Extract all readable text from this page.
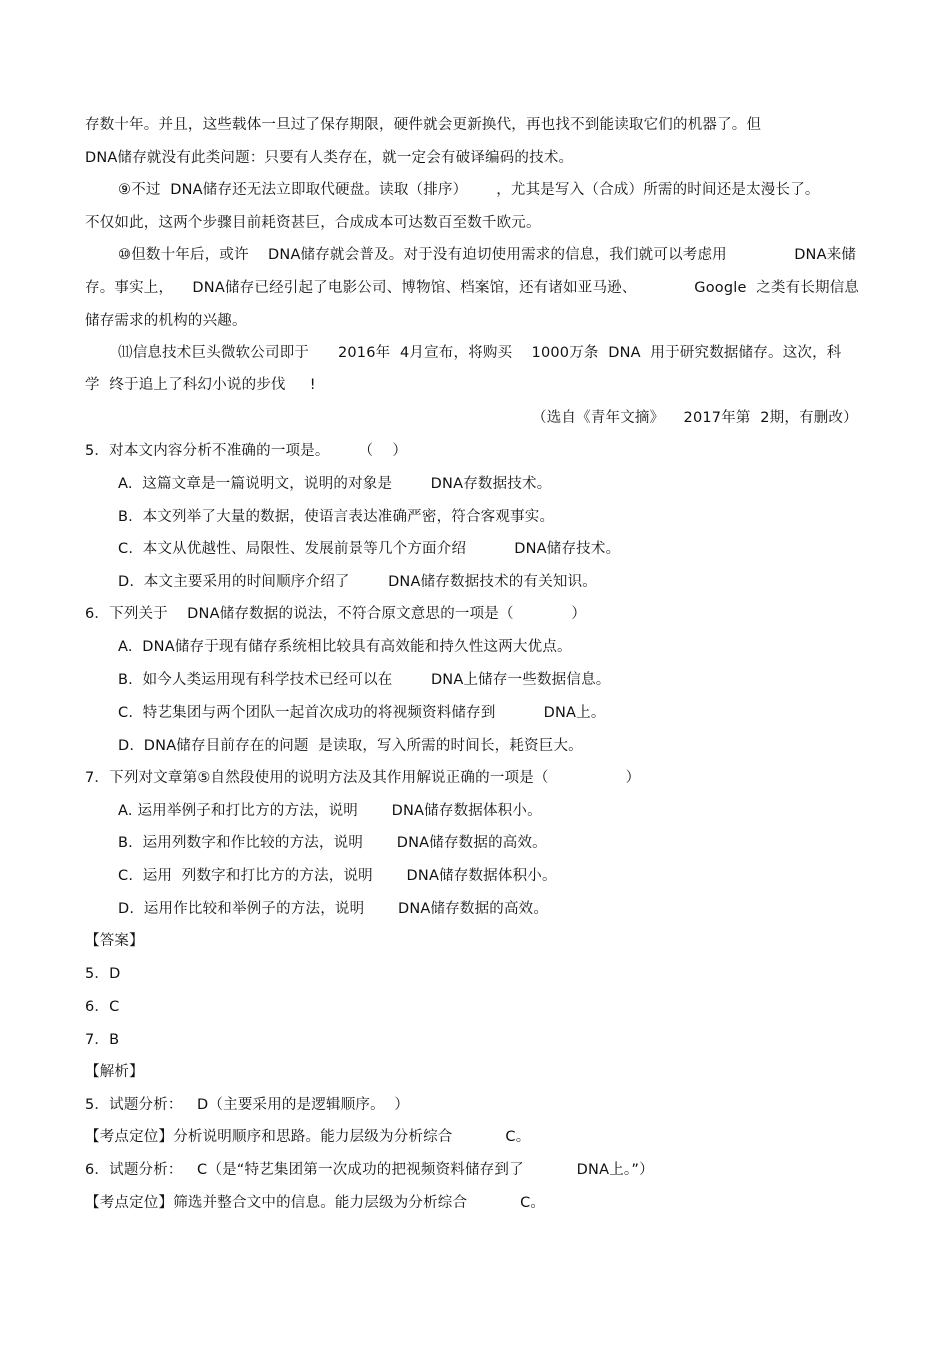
存数十年。并且，这些载体一旦过了保存期限，硬件就会更新换代，再也找不到能读取它们的机器了。但
DNA储存就没有此类问题：只要有人类存在，就一定会有破译编码的技术。
⑨不过  DNA储存还无法立即取代硬盘。读取（排序）      ，尤其是写入（合成）所需的时间还是太漫长了。
不仅如此，这两个步骤目前耗资甚巨，合成成本可达数百至数千欧元。
⑩但数十年后，或许    DNA储存就会普及。对于没有迫切使用需求的信息，我们就可以考虑用              DNA来储
存。事实上，    DNA储存已经引起了电影公司、博物馆、档案馆，还有诸如亚马逊、            Google  之类有长期信息
储存需求的机构的兴趣。
⑾信息技术巨头微软公司即于      2016年  4月宣布，将购买    1000万条  DNA  用于研究数据储存。这次，科
学  终于追上了科幻小说的步伐     !
（选自《青年文摘》    2017年第  2期，有删改）
5．对本文内容分析不准确的一项是。      （    ）
A.  这篇文章是一篇说明文，说明的对象是        DNA存数据技术。
B.  本文列举了大量的数据，使语言表达准确严密，符合客观事实。
C.  本文从优越性、局限性、发展前景等几个方面介绍          DNA储存技术。
D.  本文主要采用的时间顺序介绍了        DNA储存数据技术的有关知识。
6．下列关于    DNA储存数据的说法，不符合原文意思的一项是（            ）
A.  DNA储存于现有储存系统相比较具有高效能和持久性这两大优点。
B.  如今人类运用现有科学技术已经可以在        DNA上储存一些数据信息。
C.  特艺集团与两个团队一起首次成功的将视频资料储存到          DNA上。
D.  DNA储存目前存在的问题  是读取，写入所需的时间长，耗资巨大。
7．下列对文章第⑤自然段使用的说明方法及其作用解说正确的一项是（                ）
A. 运用举例子和打比方的方法，说明       DNA储存数据体积小。
B.  运用列数字和作比较的方法，说明       DNA储存数据的高效。
C.  运用  列数字和打比方的方法，说明       DNA储存数据体积小。
D.  运用作比较和举例子的方法，说明       DNA储存数据的高效。
【答案】
5．D
6．C
7．B
【解析】
5．试题分析：   D（主要采用的是逻辑顺序。  ）
【考点定位】分析说明顺序和思路。能力层级为分析综合           C。
6．试题分析：   C（是“特艺集团第一次成功的把视频资料储存到了           DNA上。”）
【考点定位】筛选并整合文中的信息。能力层级为分析综合           C。
